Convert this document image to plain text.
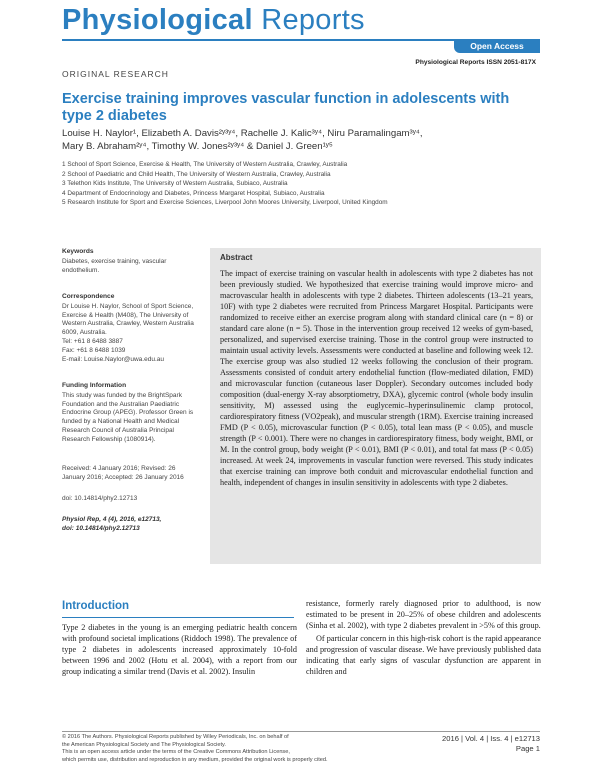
Physiological Reports
Open Access
Physiological Reports ISSN 2051-817X
ORIGINAL RESEARCH
Exercise training improves vascular function in adolescents with type 2 diabetes
Louise H. Naylor¹, Elizabeth A. Davis²ʸ³ʸ⁴, Rachelle J. Kalic³ʸ⁴, Niru Paramalingam³ʸ⁴,
Mary B. Abraham²ʸ⁴, Timothy W. Jones²ʸ³ʸ⁴ & Daniel J. Green¹ʸ⁵
1 School of Sport Science, Exercise & Health, The University of Western Australia, Crawley, Australia
2 School of Paediatric and Child Health, The University of Western Australia, Crawley, Australia
3 Telethon Kids Institute, The University of Western Australia, Subiaco, Australia
4 Department of Endocrinology and Diabetes, Princess Margaret Hospital, Subiaco, Australia
5 Research Institute for Sport and Exercise Sciences, Liverpool John Moores University, Liverpool, United Kingdom
Keywords
Diabetes, exercise training, vascular endothelium.
Correspondence
Dr Louise H. Naylor, School of Sport Science, Exercise & Health (M408), The University of Western Australia, Crawley, Western Australia 6009, Australia.
Tel: +61 8 6488 3887
Fax: +61 8 6488 1039
E-mail: Louise.Naylor@uwa.edu.au
Funding Information
This study was funded by the BrightSpark Foundation and the Australian Paediatric Endocrine Group (APEG). Professor Green is funded by a National Health and Medical Research Council of Australia Principal Research Fellowship (1080914).
Received: 4 January 2016; Revised: 26 January 2016; Accepted: 26 January 2016
doi: 10.14814/phy2.12713
Physiol Rep, 4 (4), 2016, e12713,
doi: 10.14814/phy2.12713
Abstract
The impact of exercise training on vascular health in adolescents with type 2 diabetes has not been previously studied. We hypothesized that exercise training would improve micro- and macrovascular health in adolescents with type 2 diabetes. Thirteen adolescents (13–21 years, 10F) with type 2 diabetes were recruited from Princess Margaret Hospital. Participants were randomized to receive either an exercise program along with standard clinical care (n = 8) or standard care alone (n = 5). Those in the intervention group received 12 weeks of gym-based, personalized, and supervised exercise training. Those in the control group were instructed to maintain usual activity levels. Assessments were conducted at baseline and following week 12. The exercise group was also studied 12 weeks following the conclusion of their program. Assessments consisted of conduit artery endothelial function (flow-mediated dilation, FMD) and microvascular function (cutaneous laser Doppler). Secondary outcomes included body composition (dual-energy X-ray absorptiometry, DXA), glycemic control (whole body insulin sensitivity, M) assessed using the euglycemic–hyperinsulinemic clamp protocol, cardiorespiratory fitness (VO2peak), and muscular strength (1RM). Exercise training increased FMD (P < 0.05), microvascular function (P < 0.05), total lean mass (P < 0.05), and muscle strength (P < 0.001). There were no changes in cardiorespiratory fitness, body weight, BMI, or M. In the control group, body weight (P < 0.01), BMI (P < 0.01), and total fat mass (P < 0.05) increased. At week 24, improvements in vascular function were reversed. This study indicates that exercise training can improve both conduit and microvascular endothelial function and health, independent of changes in insulin sensitivity in adolescents with type 2 diabetes.
Introduction

Type 2 diabetes in the young is an emerging pediatric health concern with profound societal implications (Riddoch 1998). The prevalence of type 2 diabetes in adolescents increased approximately 10-fold between 1996 and 2002 (Hotu et al. 2004), with a report from our group indicating a similar trend (Davis et al. 2002). Insulin

resistance, formerly rarely diagnosed prior to adulthood, is now estimated to be present in 20–25% of obese children and adolescents (Sinha et al. 2002), with type 2 diabetes prevalent in >5% of this group.

Of particular concern in this high-risk cohort is the rapid appearance and progression of vascular disease. We have previously published data indicating that early signs of vascular dysfunction are apparent in children and

© 2016 The Authors. Physiological Reports published by Wiley Periodicals, Inc. on behalf of
the American Physiological Society and The Physiological Society.
This is an open access article under the terms of the Creative Commons Attribution License,
which permits use, distribution and reproduction in any medium, provided the original work is properly cited.
2016 | Vol. 4 | Iss. 4 | e12713
Page 1
